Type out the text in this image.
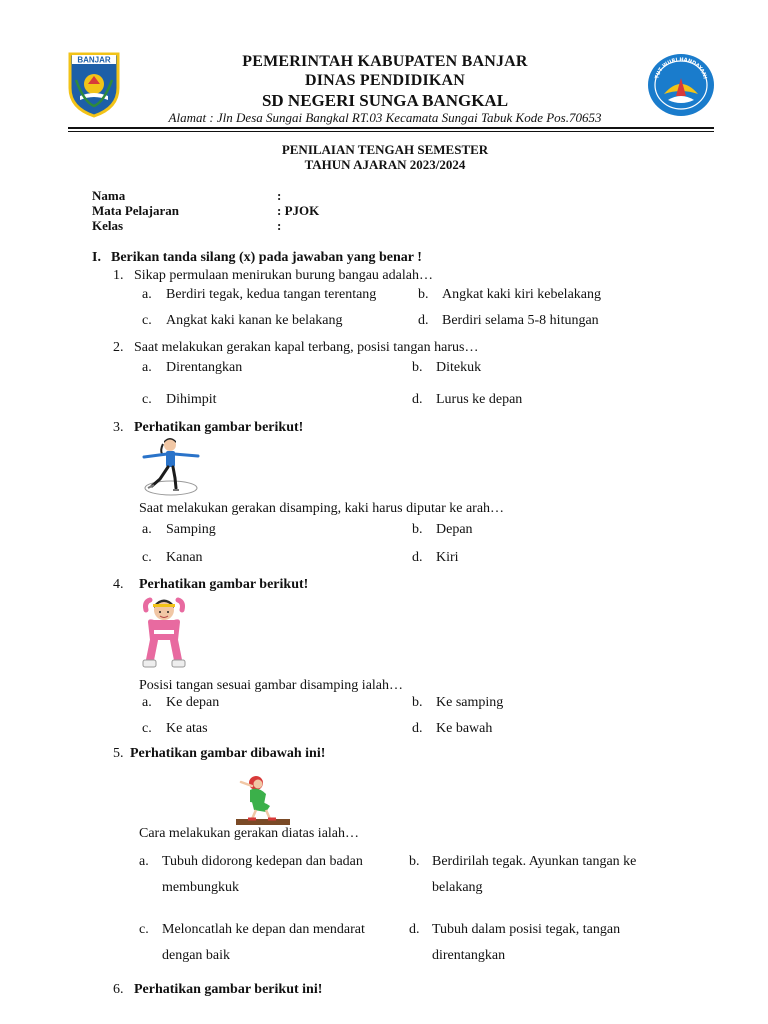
BANJAR	PEMERINTAH KABUPATEN BANJAR
DINAS PENDIDIKAN
SD NEGERI SUNGA BANGKAL
Alamat : Jln Desa Sungai Bangkal RT.03 Kecamata Sungai Tabuk Kode Pos.70653
TUT WURI HANDAYANI
PENILAIAN TENGAH SEMESTER
TAHUN AJARAN 2023/2024
Nama	:
Mata Pelajaran	: PJOK
Kelas	:
I. Berikan tanda silang (x) pada jawaban yang benar !
1. Sikap permulaan menirukan burung bangau adalah…
a. Berdiri tegak, kedua tangan terentang	b. Angkat kaki kiri kebelakang
c. Angkat kaki kanan ke belakang	d. Berdiri selama 5-8 hitungan
2. Saat melakukan gerakan kapal terbang, posisi tangan harus…
a. Direntangkan	b. Ditekuk
c. Dihimpit	d. Lurus ke depan
3. Perhatikan gambar berikut!
Saat melakukan gerakan disamping, kaki harus diputar ke arah…
a. Samping	b. Depan
c. Kanan	d. Kiri
4. Perhatikan gambar berikut!
Posisi tangan sesuai gambar disamping ialah…
a. Ke depan	b. Ke samping
c. Ke atas	d. Ke bawah
5. Perhatikan gambar dibawah ini!
Cara melakukan gerakan diatas ialah…
a. Tubuh didorong kedepan dan badan
membungkuk
b. Berdirilah tegak. Ayunkan tangan ke
belakang
c. Meloncatlah ke depan dan mendarat
dengan baik
d. Tubuh dalam posisi tegak, tangan
direntangkan
6. Perhatikan gambar berikut ini!
